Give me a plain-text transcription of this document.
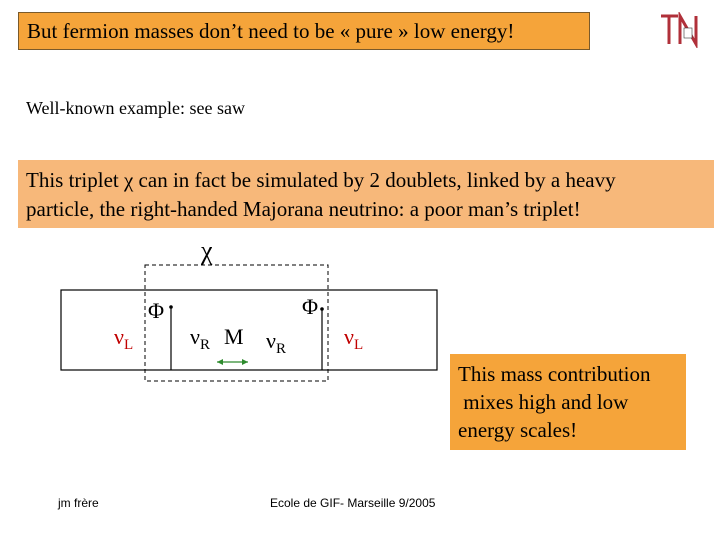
But fermion masses don’t need to be « pure » low energy!
Well-known example: see saw
This triplet χ can in fact be simulated by 2 doublets, linked by a heavy
particle, the right-handed Majorana neutrino: a poor man’s triplet!
χ
$\nu_L$
Φ
$\nu_R$ M $\nu_R$
Φ
$\nu_L$
This mass contribution
mixes high and low
energy scales!
jm frère	Ecole de GIF- Marseille 9/2005
